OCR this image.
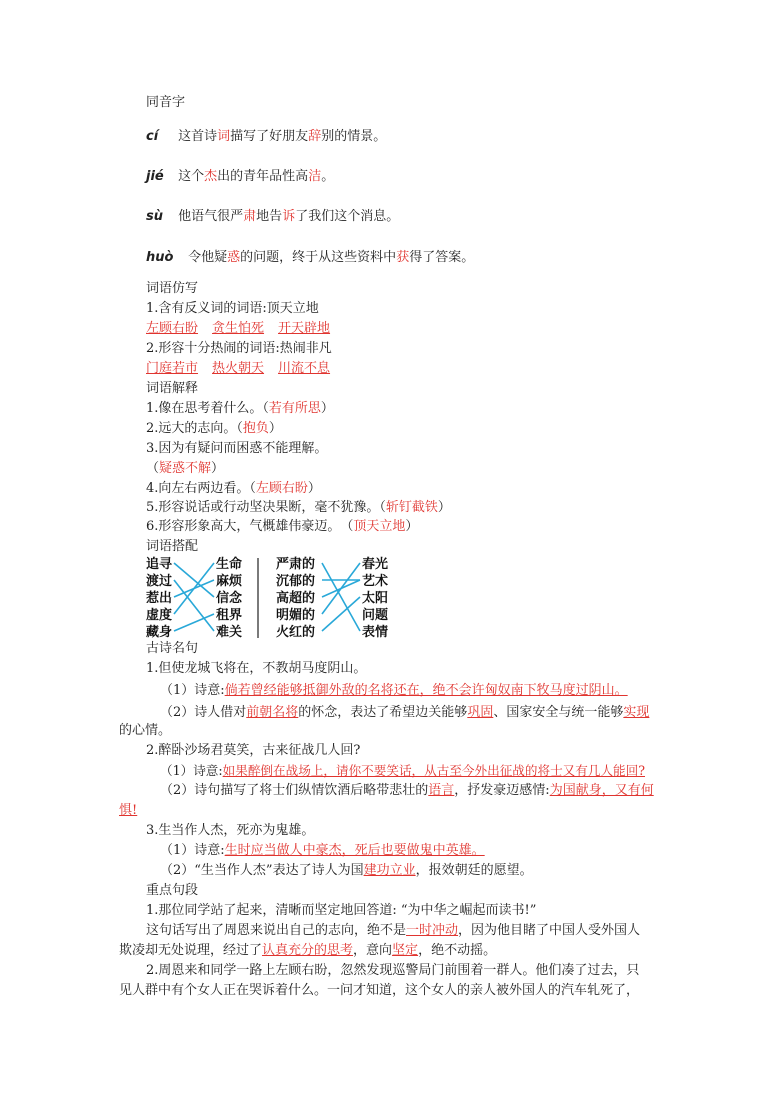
同音字
cí 这首诗词描写了好朋友辞别的情景。
jié 这个杰出的青年品性高洁。
sù 他语气很严肃地告诉了我们这个消息。
huò 令他疑惑的问题，终于从这些资料中获得了答案。
词语仿写
1.含有反义词的词语:顶天立地
左顾右盼 贪生怕死 开天辟地
2.形容十分热闹的词语:热闹非凡
门庭若市 热火朝天 川流不息
词语解释
1.像在思考着什么。（若有所思）
2.远大的志向。（抱负）
3.因为有疑问而困惑不能理解。
（疑惑不解）
4.向左右两边看。（左顾右盼）
5.形容说话或行动坚决果断，毫不犹豫。（斩钉截铁）
6.形容形象高大，气概雄伟豪迈。　（顶天立地）
词语搭配
追寻
渡过
惹出
虚度
藏身
生命
麻烦
信念
租界
难关
严肃的
沉郁的
高超的
明媚的
火红的
春光
艺术
太阳
问题
表情
古诗名句
1.但使龙城飞将在，不教胡马度阴山。
（1）诗意:倘若曾经能够抵御外敌的名将还在，绝不会许匈奴南下牧马度过阴山。
（2）诗人借对前朝名将的怀念，表达了希望边关能够巩固、国家安全与统一能够实现
的心情。
2.醉卧沙场君莫笑，古来征战几人回?
（1）诗意:如果醉倒在战场上，请你不要笑话，从古至今外出征战的将士又有几人能回?
（2）诗句描写了将士们纵情饮酒后略带悲壮的语言，抒发豪迈感情:为国献身，又有何
惧!
3.生当作人杰，死亦为鬼雄。
（1）诗意:生时应当做人中豪杰，死后也要做鬼中英雄。
（2）“生当作人杰”表达了诗人为国建功立业，报效朝廷的愿望。
重点句段
1.那位同学站了起来，清晰而坚定地回答道: “为中华之崛起而读书!”
这句话写出了周恩来说出自己的志向，绝不是一时冲动，因为他目睹了中国人受外国人
欺凌却无处说理，经过了认真充分的思考，意向坚定，绝不动摇。
2.周恩来和同学一路上左顾右盼，忽然发现巡警局门前围着一群人。他们凑了过去，只
见人群中有个女人正在哭诉着什么。一问才知道，这个女人的亲人被外国人的汽车轧死了，
